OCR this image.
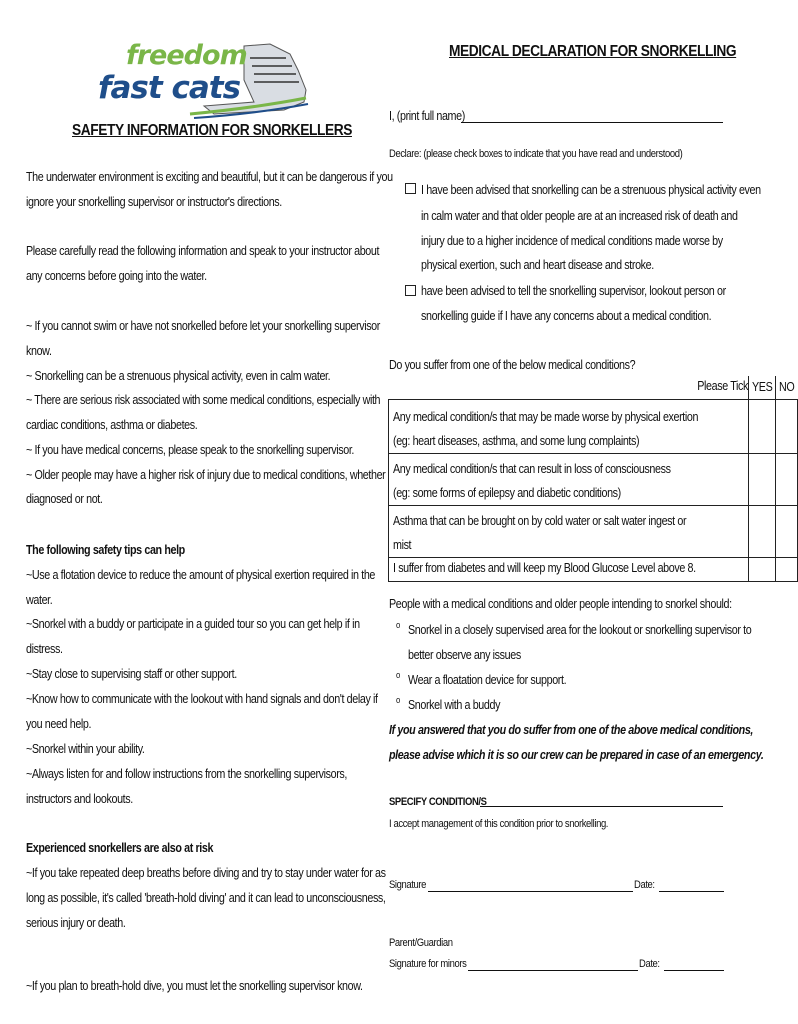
freedom
fast cats
SAFETY INFORMATION FOR SNORKELLERS
The underwater environment is exciting and beautiful, but it can be dangerous if you
ignore your snorkelling supervisor or instructor's directions.
Please carefully read the following information and speak to your instructor about
any concerns before going into the water.
~ If you cannot swim or have not snorkelled before let your snorkelling supervisor
know.
~ Snorkelling can be a strenuous physical activity, even in calm water.
~ There are serious risk associated with some medical conditions, especially with
cardiac conditions, asthma or diabetes.
~ If you have medical concerns, please speak to the snorkelling supervisor.
~ Older people may have a higher risk of injury due to medical conditions, whether
diagnosed or not.
The following safety tips can help
~Use a flotation device to reduce the amount of physical exertion required in the
water.
~Snorkel with a buddy or participate in a guided tour so you can get help if in
distress.
~Stay close to supervising staff or other support.
~Know how to communicate with the lookout with hand signals and don't delay if
you need help.
~Snorkel within your ability.
~Always listen for and follow instructions from the snorkelling supervisors,
instructors and lookouts.
Experienced snorkellers are also at risk
~If you take repeated deep breaths before diving and try to stay under water for as
long as possible, it's called 'breath-hold diving' and it can lead to unconsciousness,
serious injury or death.
~If you plan to breath-hold dive, you must let the snorkelling supervisor know.
MEDICAL DECLARATION FOR SNORKELLING
I, (print full name)
Declare: (please check boxes to indicate that you have read and understood)
I have been advised that snorkelling can be a strenuous physical activity even
in calm water and that older people are at an increased risk of death and
injury due to a higher incidence of medical conditions made worse by
physical exertion, such and heart disease and stroke.
have been advised to tell the snorkelling supervisor, lookout person or
snorkelling guide if I have any concerns about a medical condition.
Do you suffer from one of the below medical conditions?
Please Tick	YES	NO

Any medical condition/s that may be made worse by physical exertion
(eg: heart diseases, asthma, and some lung complaints)		

Any medical condition/s that can result in loss of consciousness
(eg: some forms of epilepsy and diabetic conditions)		

Asthma that can be brought on by cold water or salt water ingest or
mist		

I suffer from diabetes and will keep my Blood Glucose Level above 8.		

People with a medical conditions and older people intending to snorkel should:
o Snorkel in a closely supervised area for the lookout or snorkelling supervisor to
better observe any issues
o Wear a floatation device for support.
o Snorkel with a buddy
If you answered that you do suffer from one of the above medical conditions,
please advise which it is so our crew can be prepared in case of an emergency.
SPECIFY CONDITION/S
I accept management of this condition prior to snorkelling.
Signature	Date:
Parent/Guardian
Signature for minors	Date:
